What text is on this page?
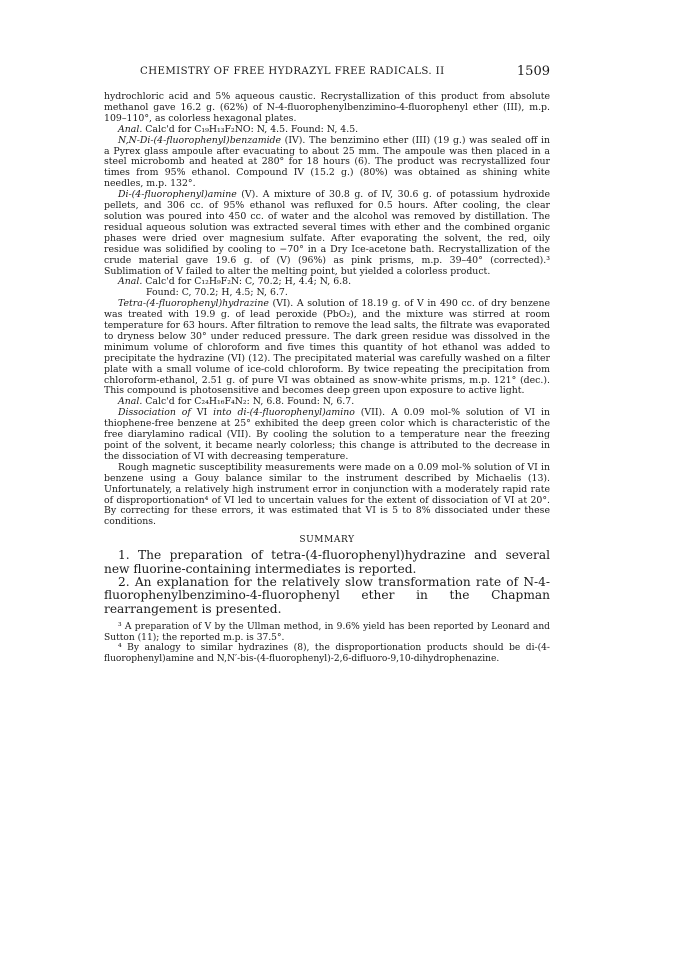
CHEMISTRY OF FREE HYDRAZYL FREE RADICALS. II	1509

hydrochloric acid and 5% aqueous caustic. Recrystallization of this product from absolute methanol gave 16.2 g. (62%) of N-4-fluorophenylbenzimino-4-fluorophenyl ether (III), m.p. 109–110°, as colorless hexagonal plates.

Anal. Calc'd for C₁₉H₁₃F₂NO: N, 4.5. Found: N, 4.5.

N,N-Di-(4-fluorophenyl)benzamide (IV). The benzimino ether (III) (19 g.) was sealed off in a Pyrex glass ampoule after evacuating to about 25 mm. The ampoule was then placed in a steel microbomb and heated at 280° for 18 hours (6). The product was recrystallized four times from 95% ethanol. Compound IV (15.2 g.) (80%) was obtained as shining white needles, m.p. 132°.

Di-(4-fluorophenyl)amine (V). A mixture of 30.8 g. of IV, 30.6 g. of potassium hydroxide pellets, and 306 cc. of 95% ethanol was refluxed for 0.5 hours. After cooling, the clear solution was poured into 450 cc. of water and the alcohol was removed by distillation. The residual aqueous solution was extracted several times with ether and the combined organic phases were dried over magnesium sulfate. After evaporating the solvent, the red, oily residue was solidified by cooling to −70° in a Dry Ice-acetone bath. Recrystallization of the crude material gave 19.6 g. of (V) (96%) as pink prisms, m.p. 39–40° (corrected).³ Sublimation of V failed to alter the melting point, but yielded a colorless product.

Anal. Calc'd for C₁₂H₉F₂N: C, 70.2; H, 4.4; N, 6.8.

Found: C, 70.2; H, 4.5; N, 6.7.

Tetra-(4-fluorophenyl)hydrazine (VI). A solution of 18.19 g. of V in 490 cc. of dry benzene was treated with 19.9 g. of lead peroxide (PbO₂), and the mixture was stirred at room temperature for 63 hours. After filtration to remove the lead salts, the filtrate was evaporated to dryness below 30° under reduced pressure. The dark green residue was dissolved in the minimum volume of chloroform and five times this quantity of hot ethanol was added to precipitate the hydrazine (VI) (12). The precipitated material was carefully washed on a filter plate with a small volume of ice-cold chloroform. By twice repeating the precipitation from chloroform-ethanol, 2.51 g. of pure VI was obtained as snow-white prisms, m.p. 121° (dec.). This compound is photosensitive and becomes deep green upon exposure to active light.

Anal. Calc'd for C₂₄H₁₆F₄N₂: N, 6.8. Found: N, 6.7.

Dissociation of VI into di-(4-fluorophenyl)amino (VII). A 0.09 mol-% solution of VI in thiophene-free benzene at 25° exhibited the deep green color which is characteristic of the free diarylamino radical (VII). By cooling the solution to a temperature near the freezing point of the solvent, it became nearly colorless; this change is attributed to the decrease in the dissociation of VI with decreasing temperature.

Rough magnetic susceptibility measurements were made on a 0.09 mol-% solution of VI in benzene using a Gouy balance similar to the instrument described by Michaelis (13). Unfortunately, a relatively high instrument error in conjunction with a moderately rapid rate of disproportionation⁴ of VI led to uncertain values for the extent of dissociation of VI at 20°. By correcting for these errors, it was estimated that VI is 5 to 8% dissociated under these conditions.

SUMMARY

1. The preparation of tetra-(4-fluorophenyl)hydrazine and several new fluorine-containing intermediates is reported.

2. An explanation for the relatively slow transformation rate of N-4-fluorophenylbenzimino-4-fluorophenyl ether in the Chapman rearrangement is presented.

³ A preparation of V by the Ullman method, in 9.6% yield has been reported by Leonard and Sutton (11); the reported m.p. is 37.5°.

⁴ By analogy to similar hydrazines (8), the disproportionation products should be di-(4-fluorophenyl)amine and N,N′-bis-(4-fluorophenyl)-2,6-difluoro-9,10-dihydrophenazine.
